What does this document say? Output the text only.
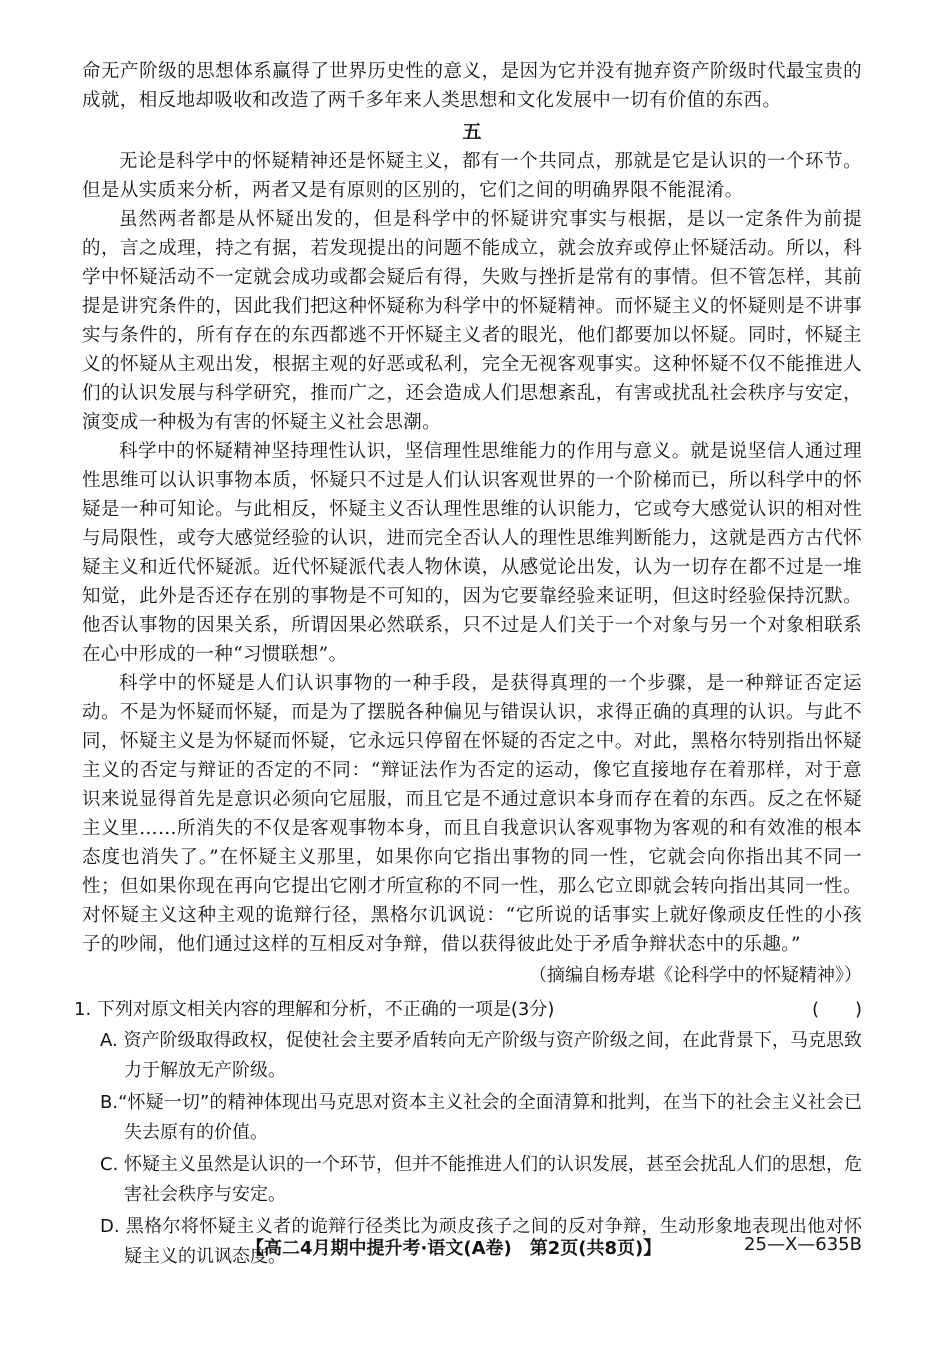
命无产阶级的思想体系赢得了世界历史性的意义，是因为它并没有抛弃资产阶级时代最宝贵的成就，相反地却吸收和改造了两千多年来人类思想和文化发展中一切有价值的东西。

五

无论是科学中的怀疑精神还是怀疑主义，都有一个共同点，那就是它是认识的一个环节。但是从实质来分析，两者又是有原则的区别的，它们之间的明确界限不能混淆。

虽然两者都是从怀疑出发的，但是科学中的怀疑讲究事实与根据，是以一定条件为前提的，言之成理，持之有据，若发现提出的问题不能成立，就会放弃或停止怀疑活动。所以，科学中怀疑活动不一定就会成功或都会疑后有得，失败与挫折是常有的事情。但不管怎样，其前提是讲究条件的，因此我们把这种怀疑称为科学中的怀疑精神。而怀疑主义的怀疑则是不讲事实与条件的，所有存在的东西都逃不开怀疑主义者的眼光，他们都要加以怀疑。同时，怀疑主义的怀疑从主观出发，根据主观的好恶或私利，完全无视客观事实。这种怀疑不仅不能推进人们的认识发展与科学研究，推而广之，还会造成人们思想紊乱，有害或扰乱社会秩序与安定，演变成一种极为有害的怀疑主义社会思潮。

科学中的怀疑精神坚持理性认识，坚信理性思维能力的作用与意义。就是说坚信人通过理性思维可以认识事物本质，怀疑只不过是人们认识客观世界的一个阶梯而已，所以科学中的怀疑是一种可知论。与此相反，怀疑主义否认理性思维的认识能力，它或夸大感觉认识的相对性与局限性，或夸大感觉经验的认识，进而完全否认人的理性思维判断能力，这就是西方古代怀疑主义和近代怀疑派。近代怀疑派代表人物休谟，从感觉论出发，认为一切存在都不过是一堆知觉，此外是否还存在别的事物是不可知的，因为它要靠经验来证明，但这时经验保持沉默。他否认事物的因果关系，所谓因果必然联系，只不过是人们关于一个对象与另一个对象相联系在心中形成的一种“习惯联想”。

科学中的怀疑是人们认识事物的一种手段，是获得真理的一个步骤，是一种辩证否定运动。不是为怀疑而怀疑，而是为了摆脱各种偏见与错误认识，求得正确的真理的认识。与此不同，怀疑主义是为怀疑而怀疑，它永远只停留在怀疑的否定之中。对此，黑格尔特别指出怀疑主义的否定与辩证的否定的不同：“辩证法作为否定的运动，像它直接地存在着那样，对于意识来说显得首先是意识必须向它屈服，而且它是不通过意识本身而存在着的东西。反之在怀疑主义里……所消失的不仅是客观事物本身，而且自我意识认客观事物为客观的和有效准的根本态度也消失了。”在怀疑主义那里，如果你向它指出事物的同一性，它就会向你指出其不同一性；但如果你现在再向它提出它刚才所宣称的不同一性，那么它立即就会转向指出其同一性。对怀疑主义这种主观的诡辩行径，黑格尔讥讽说：“它所说的话事实上就好像顽皮任性的小孩子的吵闹，他们通过这样的互相反对争辩，借以获得彼此处于矛盾争辩状态中的乐趣。”

（摘编自杨寿堪《论科学中的怀疑精神》）

1. 下列对原文相关内容的理解和分析，不正确的一项是(3分)	(　　)

A. 资产阶级取得政权，促使社会主要矛盾转向无产阶级与资产阶级之间，在此背景下，马克思致力于解放无产阶级。

B.“怀疑一切”的精神体现出马克思对资本主义社会的全面清算和批判，在当下的社会主义社会已失去原有的价值。

C. 怀疑主义虽然是认识的一个环节，但并不能推进人们的认识发展，甚至会扰乱人们的思想，危害社会秩序与安定。

D. 黑格尔将怀疑主义者的诡辩行径类比为顽皮孩子之间的反对争辩，生动形象地表现出他对怀疑主义的讥讽态度。

【高二4月期中提升考·语文(A卷)　第2页(共8页)】	25—X—635B
